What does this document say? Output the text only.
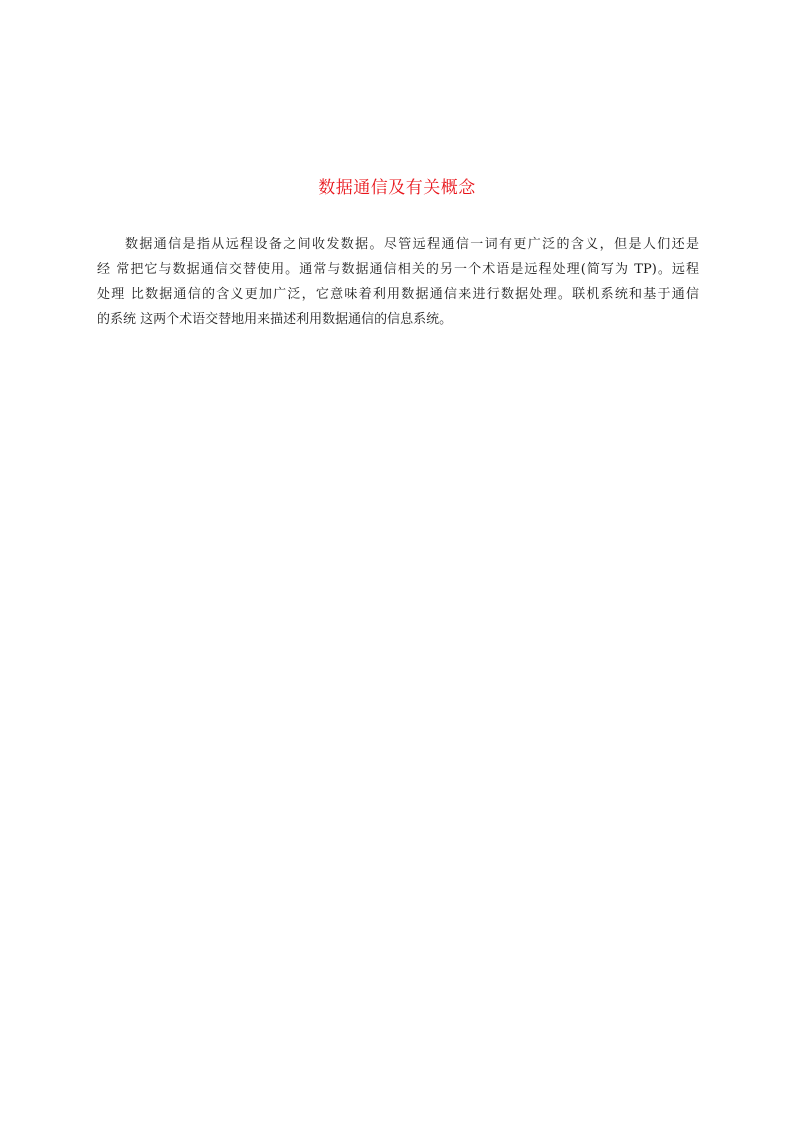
数据通信及有关概念
数据通信是指从远程设备之间收发数据。尽管远程通信一词有更广泛的含义，但是人们还是
经 常把它与数据通信交替使用。通常与数据通信相关的另一个术语是远程处理(简写为 TP)。远程
处理 比数据通信的含义更加广泛，它意味着利用数据通信来进行数据处理。联机系统和基于通信
的系统 这两个术语交替地用来描述利用数据通信的信息系统。
